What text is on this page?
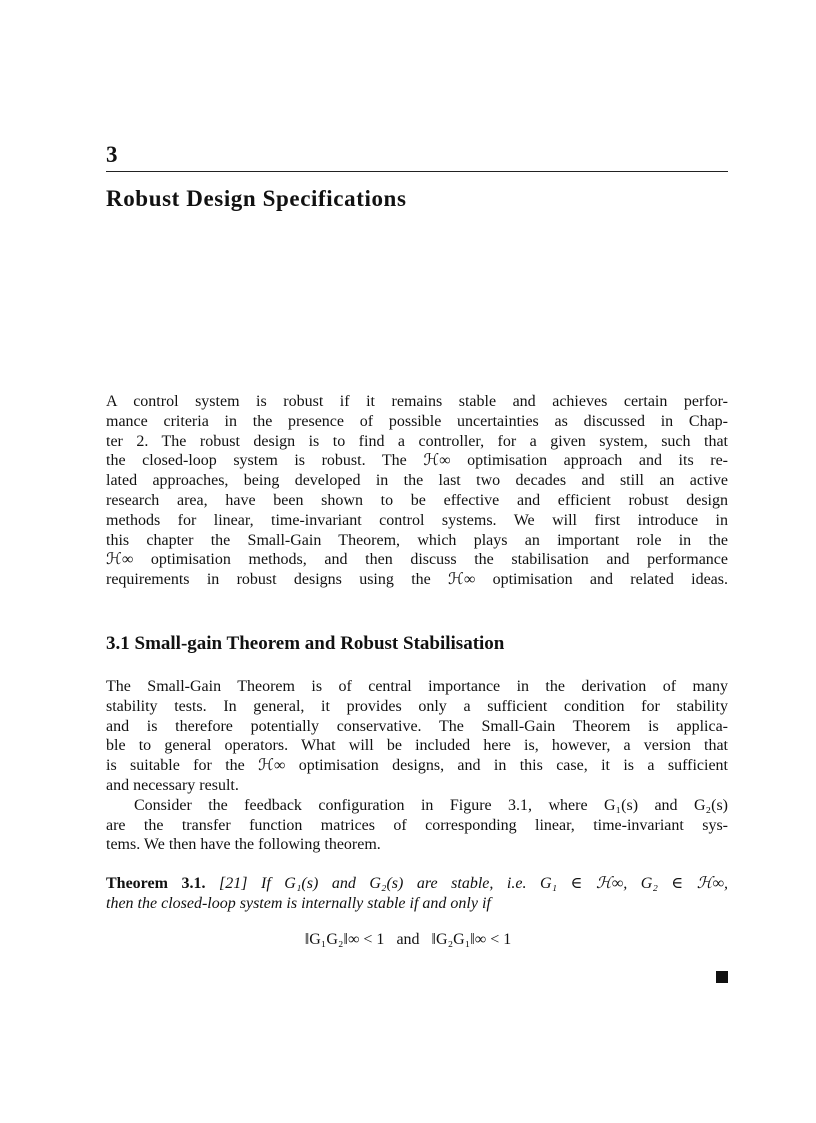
3
Robust Design Specifications
A control system is robust if it remains stable and achieves certain perfor-
mance criteria in the presence of possible uncertainties as discussed in Chap-
ter 2. The robust design is to find a controller, for a given system, such that
the closed-loop system is robust. The ℋ∞ optimisation approach and its re-
lated approaches, being developed in the last two decades and still an active
research area, have been shown to be effective and efficient robust design
methods for linear, time-invariant control systems. We will first introduce in
this chapter the Small-Gain Theorem, which plays an important role in the
ℋ∞ optimisation methods, and then discuss the stabilisation and performance
requirements in robust designs using the ℋ∞ optimisation and related ideas.
3.1 Small-gain Theorem and Robust Stabilisation
The Small-Gain Theorem is of central importance in the derivation of many
stability tests. In general, it provides only a sufficient condition for stability
and is therefore potentially conservative. The Small-Gain Theorem is applica-
ble to general operators. What will be included here is, however, a version that
is suitable for the ℋ∞ optimisation designs, and in this case, it is a sufficient
and necessary result.
Consider the feedback configuration in Figure 3.1, where G₁(s) and G₂(s)
are the transfer function matrices of corresponding linear, time-invariant sys-
tems. We then have the following theorem.
Theorem 3.1. [21] If G₁(s) and G₂(s) are stable, i.e. G₁ ∈ ℋ∞, G₂ ∈ ℋ∞,
then the closed-loop system is internally stable if and only if
‖G₁G₂‖∞ < 1 and ‖G₂G₁‖∞ < 1
